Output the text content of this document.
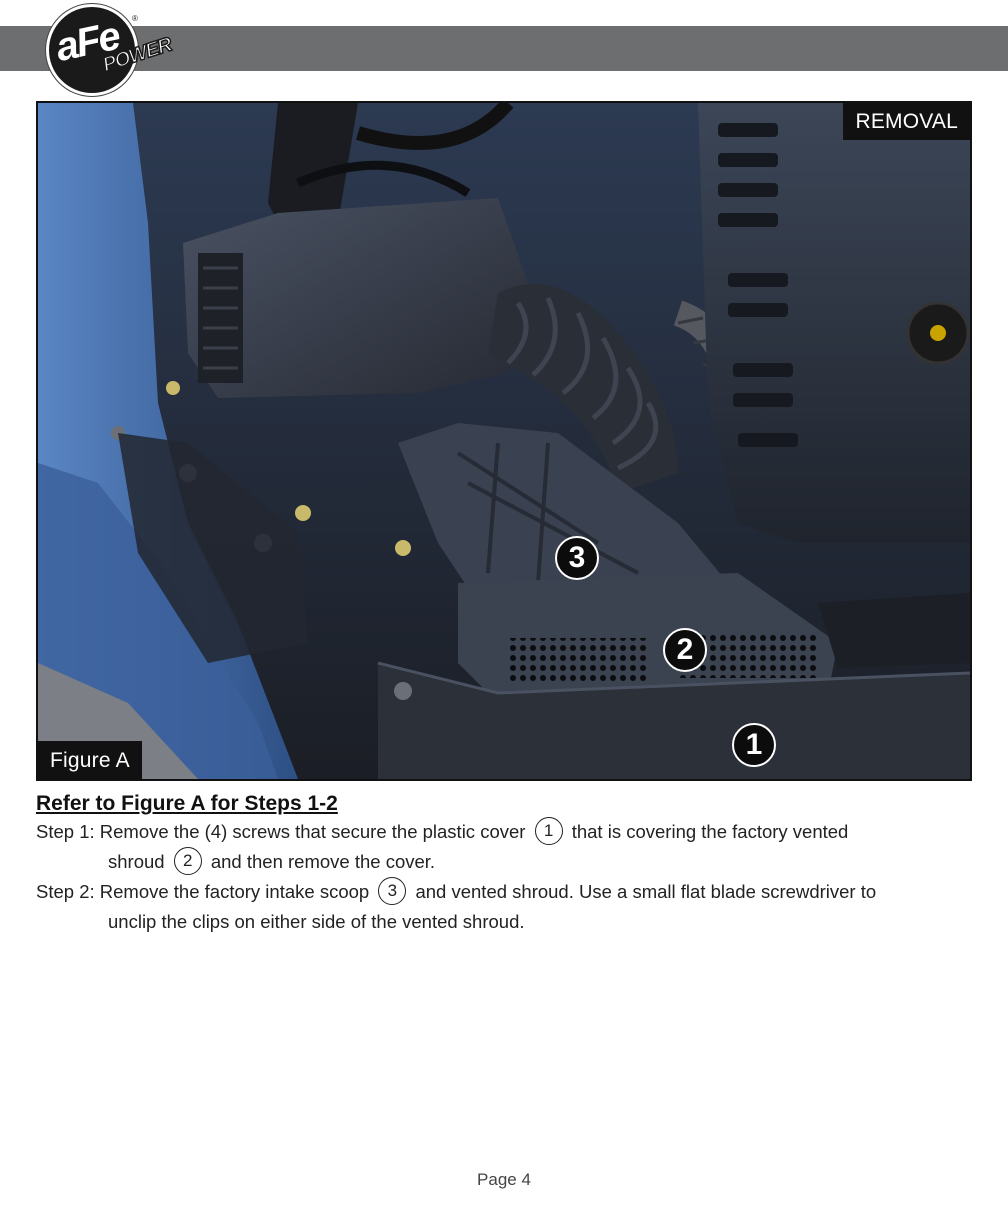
aFe ®
POWER
REMOVAL
Figure A
3
2
1
Refer to Figure A for Steps 1-2
Step 1: Remove the (4) screws that secure the plastic cover 1 that is covering the factory vented
shroud 2 and then remove the cover.
Step 2: Remove the factory intake scoop 3 and vented shroud. Use a small flat blade screwdriver to
unclip the clips on either side of the vented shroud.
Page 4
